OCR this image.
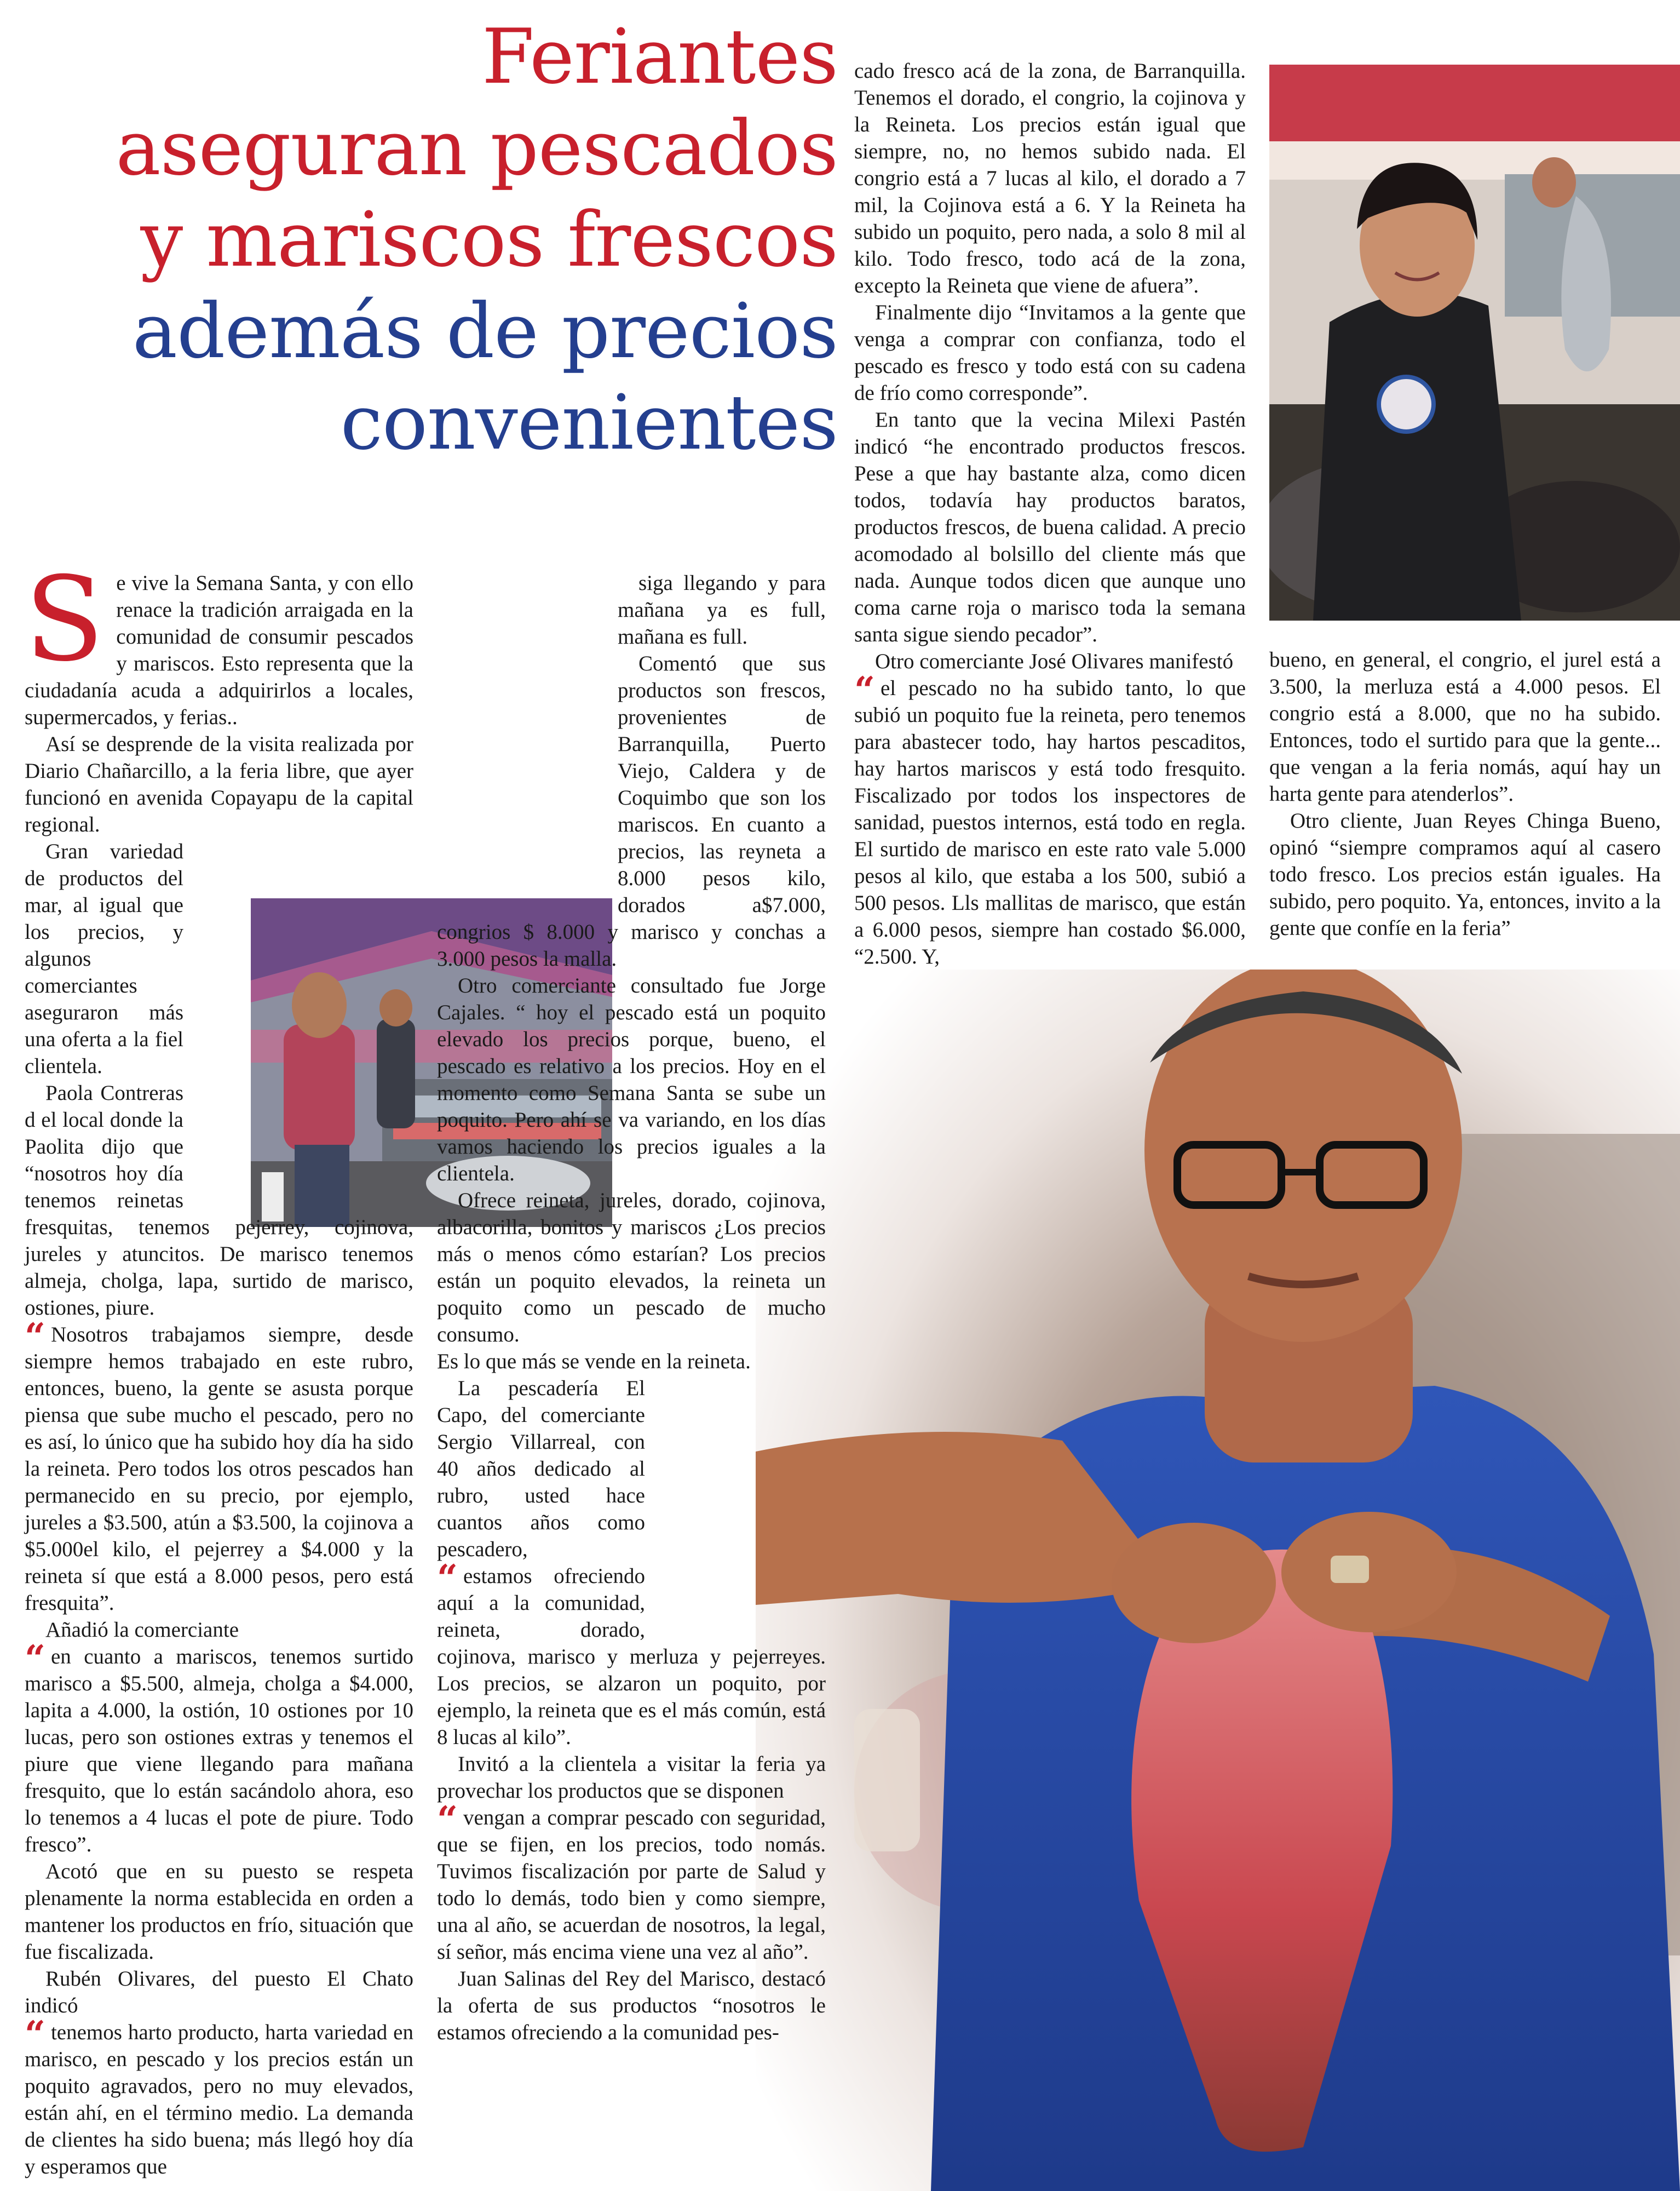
Feriantes
aseguran pescados
y mariscos frescos
además de precios
convenientes

S e vive la Semana Santa, y con ello renace la tradición arraigada en la comunidad de consumir pescados y mariscos. Esto representa que la ciudadanía acuda a adquirirlos a locales, supermercados, y ferias..

Así se desprende de la visita realizada por Diario Chañarcillo, a la feria libre, que ayer funcionó en avenida Copayapu de la capital regional.

Gran variedad de productos del mar, al igual que los precios, y algunos comerciantes aseguraron más una oferta a la fiel clientela.

Paola Contreras d el local donde la Paolita dijo que “nosotros hoy día tenemos reinetas fresquitas, tenemos pejerrey, cojinova, jureles y atuncitos. De marisco tenemos almeja, cholga, lapa, surtido de marisco, ostiones, piure.

“ Nosotros trabajamos siempre, desde siempre hemos trabajado en este rubro, entonces, bueno, la gente se asusta porque piensa que sube mucho el pescado, pero no es así, lo único que ha subido hoy día ha sido la reineta. Pero todos los otros pescados han permanecido en su precio, por ejemplo, jureles a $3.500, atún a $3.500, la cojinova a $5.000el kilo, el pejerrey a $4.000 y la reineta sí que está a 8.000 pesos, pero está fresquita”.

Añadió la comerciante

“ en cuanto a mariscos, tenemos surtido marisco a $5.500, almeja, cholga a $4.000, lapita a 4.000, la ostión, 10 ostiones por 10 lucas, pero son ostiones extras y tenemos el piure que viene llegando para mañana fresquito, que lo están sacándolo ahora, eso lo tenemos a 4 lucas el pote de piure. Todo fresco”.

Acotó que en su puesto se respeta plenamente la norma establecida en orden a mantener los productos en frío, situación que fue fiscalizada.

Rubén Olivares, del puesto El Chato indicó

“ tenemos harto producto, harta variedad en marisco, en pescado y los precios están un poquito agravados, pero no muy elevados, están ahí, en el término medio. La demanda de clientes ha sido buena; más llegó hoy día y esperamos que

siga llegando y para mañana ya es full, mañana es full.

Comentó que sus productos son frescos, provenientes de Barranquilla, Puerto Viejo, Caldera y de Coquimbo que son los mariscos. En cuanto a precios, las reyneta a 8.000 pesos kilo, dorados a$7.000, congrios $ 8.000 y marisco y conchas a 3.000 pesos la malla.

Otro comerciante consultado fue Jorge Cajales. “ hoy el pescado está un poquito elevado los precios porque, bueno, el pescado es relativo a los precios. Hoy en el momento como Semana Santa se sube un poquito. Pero ahí se va variando, en los días vamos haciendo los precios iguales a la clientela.

Ofrece reineta, jureles, dorado, cojinova, albacorilla, bonitos y mariscos ¿Los precios más o menos cómo estarían? Los precios están un poquito elevados, la reineta un poquito como un pescado de mucho consumo.

Es lo que más se vende en la reineta.

La pescadería El Capo, del comerciante Sergio Villarreal, con 40 años dedicado al rubro, usted hace cuantos años como pescadero,

“ estamos ofreciendo aquí a la comunidad, reineta, dorado, cojinova, marisco y merluza y pejerreyes. Los precios, se alzaron un poquito, por ejemplo, la reineta que es el más común, está 8 lucas al kilo”.

Invitó a la clientela a visitar la feria ya provechar los productos que se disponen

“ vengan a comprar pescado con seguridad, que se fijen, en los precios, todo nomás. Tuvimos fiscalización por parte de Salud y todo lo demás, todo bien y como siempre, una al año, se acuerdan de nosotros, la legal, sí señor, más encima viene una vez al año”.

Juan Salinas del Rey del Marisco, destacó la oferta de sus productos “nosotros le estamos ofreciendo a la comunidad pes-

cado fresco acá de la zona, de Barranquilla. Tenemos el dorado, el congrio, la cojinova y la Reineta. Los precios están igual que siempre, no, no hemos subido nada. El congrio está a 7 lucas al kilo, el dorado a 7 mil, la Cojinova está a 6. Y la Reineta ha subido un poquito, pero nada, a solo 8 mil al kilo. Todo fresco, todo acá de la zona, excepto la Reineta que viene de afuera”.

Finalmente dijo “Invitamos a la gente que venga a comprar con confianza, todo el pescado es fresco y todo está con su cadena de frío como corresponde”.

En tanto que la vecina Milexi Pastén indicó “he encontrado productos frescos. Pese a que hay bastante alza, como dicen todos, todavía hay productos baratos, productos frescos, de buena calidad. A precio acomodado al bolsillo del cliente más que nada. Aunque todos dicen que aunque uno coma carne roja o marisco toda la semana santa sigue siendo pecador”.

Otro comerciante José Olivares manifestó

“ el pescado no ha subido tanto, lo que subió un poquito fue la reineta, pero tenemos para abastecer todo, hay hartos pescaditos, hay hartos mariscos y está todo fresquito. Fiscalizado por todos los inspectores de sanidad, puestos internos, está todo en regla. El surtido de marisco en este rato vale 5.000 pesos al kilo, que estaba a los 500, subió a 500 pesos. Lls mallitas de marisco, que están a 6.000 pesos, siempre han costado $6.000, “2.500. Y,

bueno, en general, el congrio, el jurel está a 3.500, la merluza está a 4.000 pesos. El congrio está a 8.000, que no ha subido. Entonces, todo el surtido para que la gente... que vengan a la feria nomás, aquí hay un harta gente para atenderlos”.

Otro cliente, Juan Reyes Chinga Bueno, opinó “siempre compramos aquí al casero todo fresco. Los precios están iguales. Ha subido, pero poquito. Ya, entonces, invito a la gente que confíe en la feria”
